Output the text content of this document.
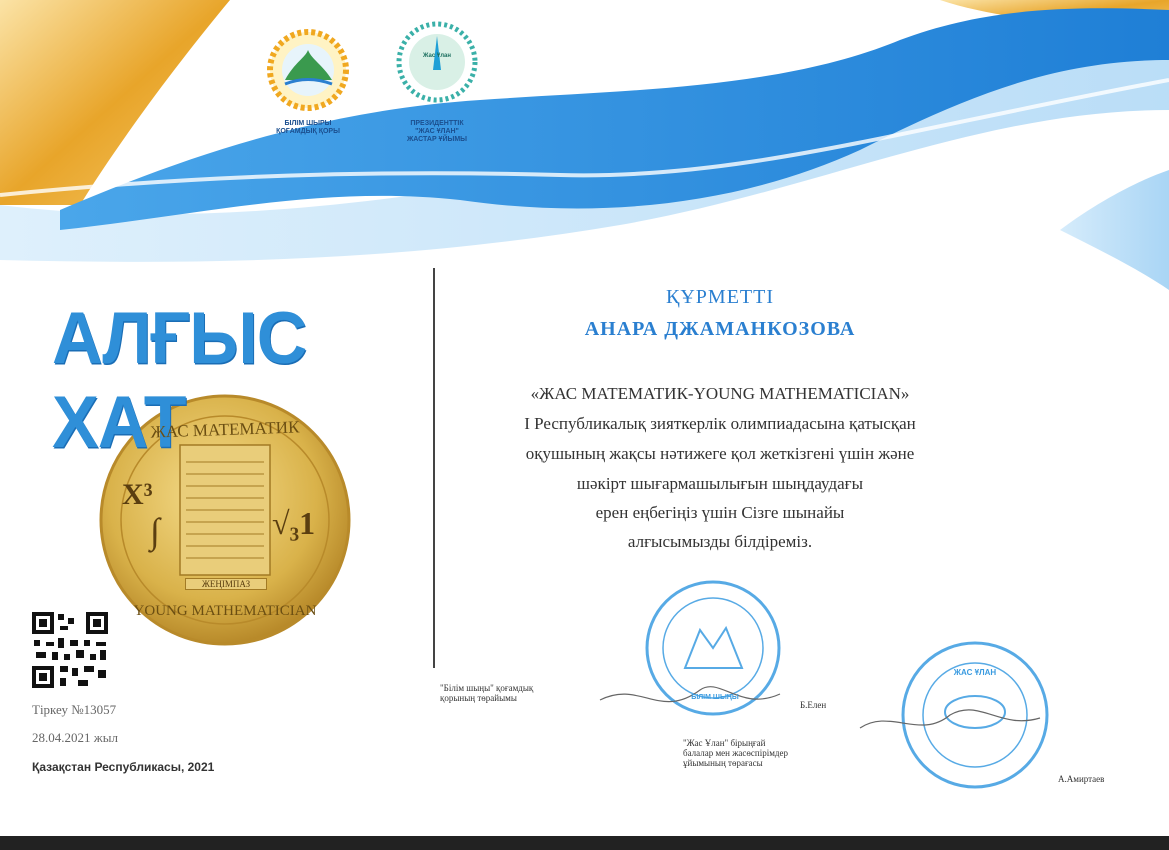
БІЛІМ ШЫРЫ
ҚОҒАМДЫҚ ҚОРЫ
Жас Ұлан
ПРЕЗИДЕНТТІК
"ЖАС ҰЛАН"
ЖАСТАР ҰЙЫМЫ
АЛҒЫС ХАТ
ЖАС МАТЕМАТИК
YOUNG MATHEMATICIAN
X³
∫	√₃1
ЖЕҢІМПАЗ
ҚҰРМЕТТІ
АНАРА ДЖАМАНКОЗОВА
«ЖАС МАТЕМАТИК-YOUNG MATHEMATICIAN»
І Республикалық зияткерлік олимпиадасына қатысқан
оқушының жақсы нәтижеге қол жеткізгені үшін және
шәкірт шығармашылығын шыңдаудағы
ерен еңбегіңіз үшін Сізге шынайы
алғысымызды білдіреміз.
Тіркеу №13057
28.04.2021 жыл
Қазақстан Республикасы, 2021
"Білім шыңы" қоғамдық
қорының төрайымы
Б.Елен
БІЛІМ ШЫҢЫ
"Жас Ұлан" бірыңғай
балалар мен жасөспірімдер
ұйымының төрағасы
А.Амиртаев
ЖАС ҰЛАН
